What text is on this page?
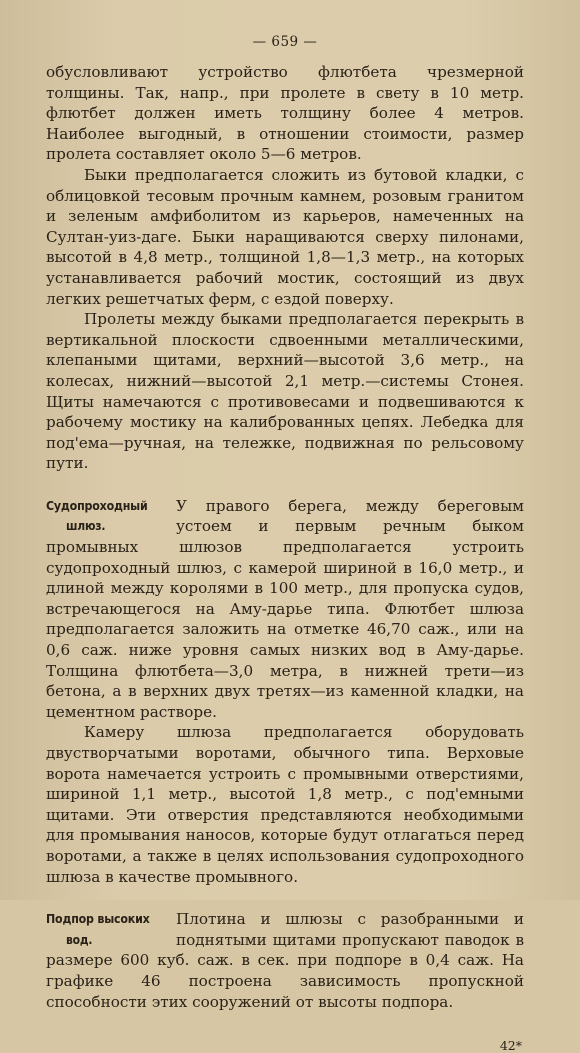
— 659 —

обусловливают устройство флютбета чрезмерной толщины. Так, напр., при пролете в свету в 10 метр. флютбет должен иметь толщину более 4 метров. Наиболее выгодный, в отношении стоимости, размер пролета составляет около 5—6 метров.

Быки предполагается сложить из бутовой кладки, с облицовкой тесовым прочным камнем, розовым гранитом и зеленым амфиболитом из карьеров, намеченных на Султан-уиз-даге. Быки наращиваются сверху пилонами, высотой в 4,8 метр., толщиной 1,8—1,3 метр., на которых устанавливается рабочий мостик, состоящий из двух легких решетчатых ферм, с ездой поверху.

Пролеты между быками предполагается перекрыть в вертикальной плоскости сдвоенными металлическими, клепаными щитами, верхний—высотой 3,6 метр., на колесах, нижний—высотой 2,1 метр.—системы Стонея. Щиты намечаются с противовесами и подвешиваются к рабочему мостику на калиброванных цепях. Лебедка для под'ема—ручная, на тележке, подвижная по рельсовому пути.

Судопроходный
шлюз.

У правого берега, между береговым устоем и первым речным быком промывных шлюзов предполагается устроить судопроходный шлюз, с камерой шириной в 16,0 метр., и длиной между королями в 100 метр., для пропуска судов, встречающегося на Аму-дарье типа. Флютбет шлюза предполагается заложить на отметке 46,70 саж., или на 0,6 саж. ниже уровня самых низких вод в Аму-дарье. Толщина флютбета—3,0 метра, в нижней трети—из бетона, а в верхних двух третях—из каменной кладки, на цементном растворе.

Камеру шлюза предполагается оборудовать двустворчатыми воротами, обычного типа. Верховые ворота намечается устроить с промывными отверстиями, шириной 1,1 метр., высотой 1,8 метр., с под'емными щитами. Эти отверстия представляются необходимыми для промывания наносов, которые будут отлагаться перед воротами, а также в целях использования судопроходного шлюза в качестве промывного.

Подпор высоких
вод.

Плотина и шлюзы с разобранными и поднятыми щитами пропускают паводок в размере 600 куб. саж. в сек. при подпоре в 0,4 саж. На графике 46 построена зависимость пропускной способности этих сооружений от высоты подпора.

42*
